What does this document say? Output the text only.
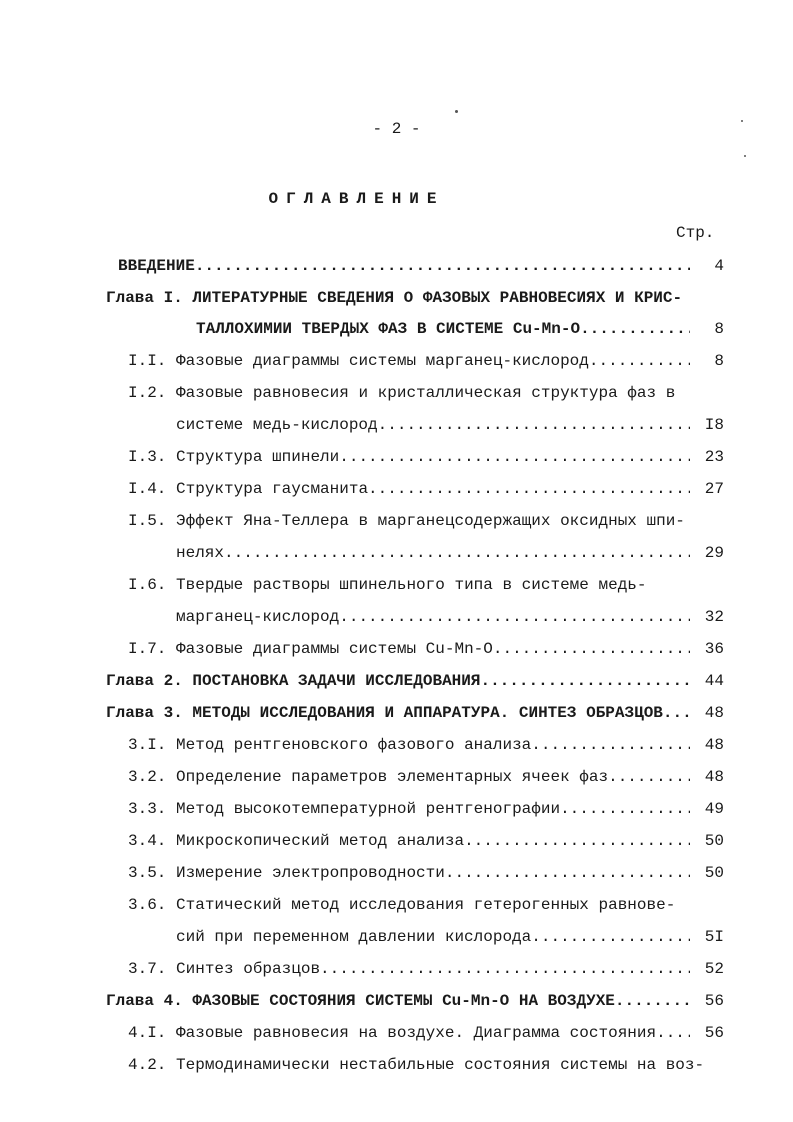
- 2 -
ОГЛАВЛЕНИЕ
Стр.
ВВЕДЕНИЕ .....	4
Глава I. ЛИТЕРАТУРНЫЕ СВЕДЕНИЯ О ФАЗОВЫХ РАВНОВЕСИЯХ И КРИС-
ТАЛЛОХИМИИ ТВЕРДЫХ ФАЗ В СИСТЕМЕ Cu-Mn-O .....	8
I.I. Фазовые диаграммы системы марганец-кислород .....	8
I.2. Фазовые равновесия и кристаллическая структура фаз в
системе медь-кислород .....	I8
I.3. Структура шпинели .....	23
I.4. Структура гаусманита .....	27
I.5. Эффект Яна-Теллера в марганецсодержащих оксидных шпи-
нелях .....	29
I.6. Твердые растворы шпинельного типа в системе медь-
марганец-кислород .....	32
I.7. Фазовые диаграммы системы Cu-Mn-O .....	36
Глава 2. ПОСТАНОВКА ЗАДАЧИ ИССЛЕДОВАНИЯ .....	44
Глава 3. МЕТОДЫ ИССЛЕДОВАНИЯ И АППАРАТУРА. СИНТЕЗ ОБРАЗЦОВ .....	48
3.I. Метод рентгеновского фазового анализа .....	48
3.2. Определение параметров элементарных ячеек фаз .....	48
3.3. Метод высокотемпературной рентгенографии .....	49
3.4. Микроскопический метод анализа .....	50
3.5. Измерение электропроводности .....	50
3.6. Статический метод исследования гетерогенных равнове-
сий при переменном давлении кислорода .....	5I
3.7. Синтез образцов .....	52
Глава 4. ФАЗОВЫЕ СОСТОЯНИЯ СИСТЕМЫ Cu-Mn-O НА ВОЗДУХЕ .....	56
4.I. Фазовые равновесия на воздухе. Диаграмма состояния .....	56
4.2. Термодинамически нестабильные состояния системы на воз-
